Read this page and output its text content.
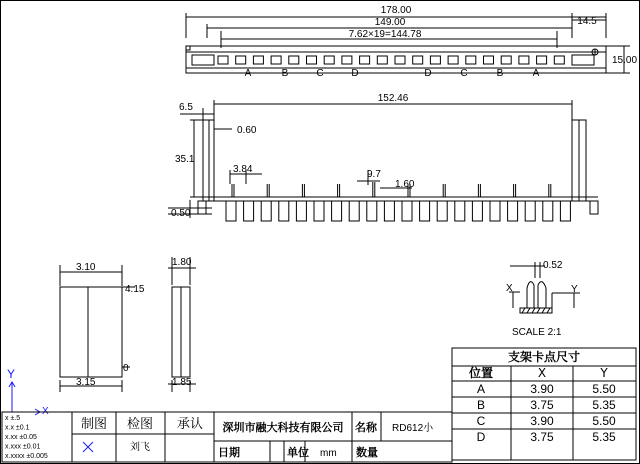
178.00
149.00
7.62×19=144.78
14.5
15.00
A	B	C	D	D	C	B	A
6.5
152.46
0.60
35.1
3.84	9.7
1.60
0.50
3.10
4.15
3.15
0
1.80
1.85
0.52
X	Y
SCALE 2:1
Y
X
支架卡点尺寸
位置	X	Y
A	3.90	5.50
B	3.75	5.35
C	3.90	5.50
D	3.75	5.35
x ±.5
x.x ±0.1
x.xx ±0.05
x.xxx ±0.01
x.xxxx ±0.005
制图 检图 承认
刘飞
深圳市融大科技有限公司 名称 RD612小
日期	单位 mm 数量
